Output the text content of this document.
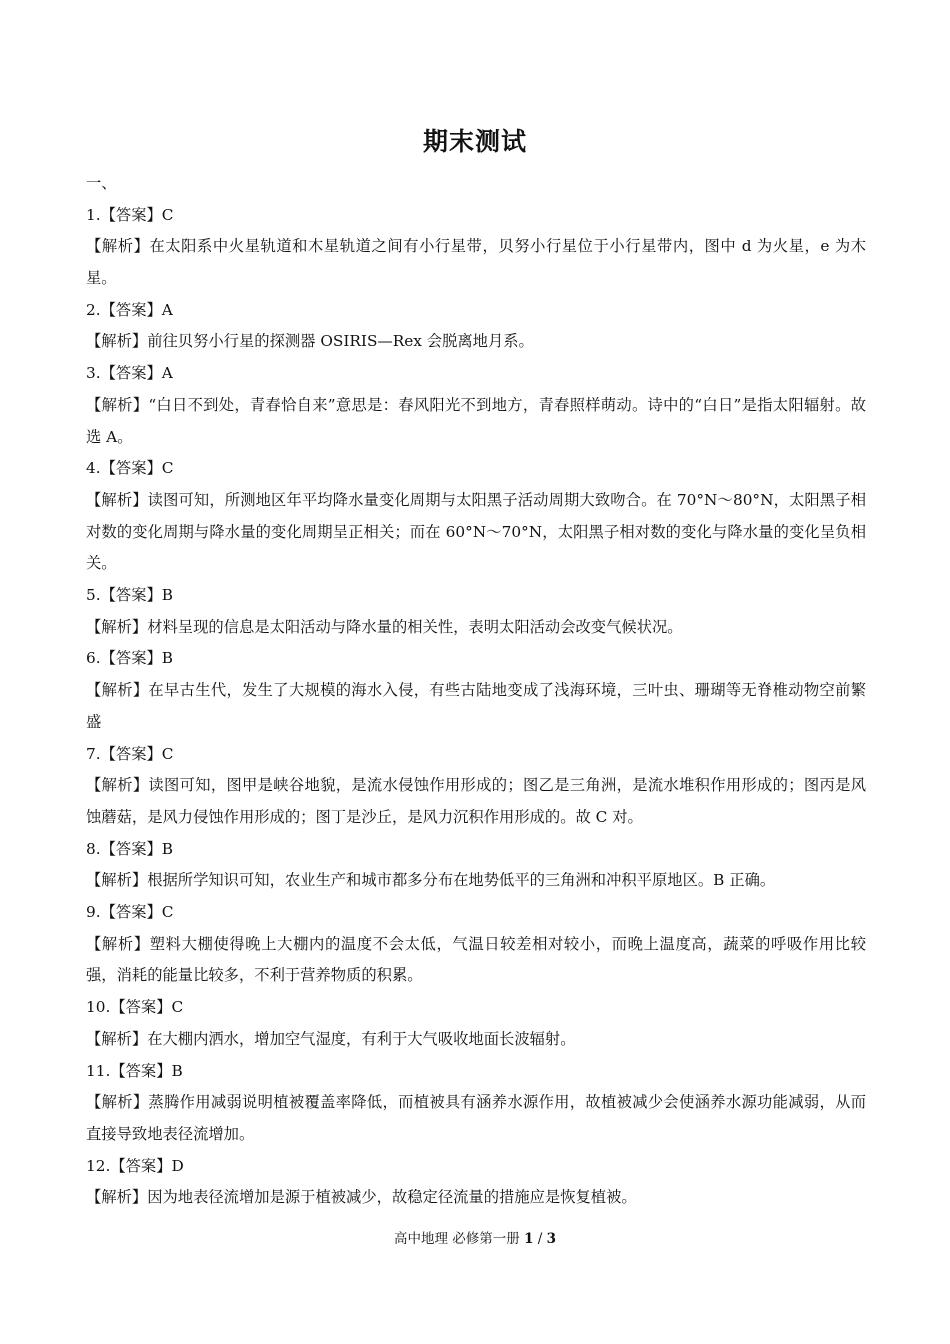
期末测试
一、
1.【答案】C
【解析】在太阳系中火星轨道和木星轨道之间有小行星带，贝努小行星位于小行星带内，图中 d 为火星，e 为木星。
2.【答案】A
【解析】前往贝努小行星的探测器 OSIRIS—Rex 会脱离地月系。
3.【答案】A
【解析】“白日不到处，青春恰自来”意思是：春风阳光不到地方，青春照样萌动。诗中的“白日”是指太阳辐射。故选 A。
4.【答案】C
【解析】读图可知，所测地区年平均降水量变化周期与太阳黑子活动周期大致吻合。在 70°N～80°N，太阳黑子相对数的变化周期与降水量的变化周期呈正相关；而在 60°N～70°N，太阳黑子相对数的变化与降水量的变化呈负相关。
5.【答案】B
【解析】材料呈现的信息是太阳活动与降水量的相关性，表明太阳活动会改变气候状况。
6.【答案】B
【解析】在早古生代，发生了大规模的海水入侵，有些古陆地变成了浅海环境，三叶虫、珊瑚等无脊椎动物空前繁盛
7.【答案】C
【解析】读图可知，图甲是峡谷地貌，是流水侵蚀作用形成的；图乙是三角洲，是流水堆积作用形成的；图丙是风蚀蘑菇，是风力侵蚀作用形成的；图丁是沙丘，是风力沉积作用形成的。故 C 对。
8.【答案】B
【解析】根据所学知识可知，农业生产和城市都多分布在地势低平的三角洲和冲积平原地区。B 正确。
9.【答案】C
【解析】塑料大棚使得晚上大棚内的温度不会太低，气温日较差相对较小，而晚上温度高，蔬菜的呼吸作用比较强，消耗的能量比较多，不利于营养物质的积累。
10.【答案】C
【解析】在大棚内洒水，增加空气湿度，有利于大气吸收地面长波辐射。
11.【答案】B
【解析】蒸腾作用减弱说明植被覆盖率降低，而植被具有涵养水源作用，故植被减少会使涵养水源功能减弱，从而直接导致地表径流增加。
12.【答案】D
【解析】因为地表径流增加是源于植被减少，故稳定径流量的措施应是恢复植被。
高中地理 必修第一册 1 / 3
